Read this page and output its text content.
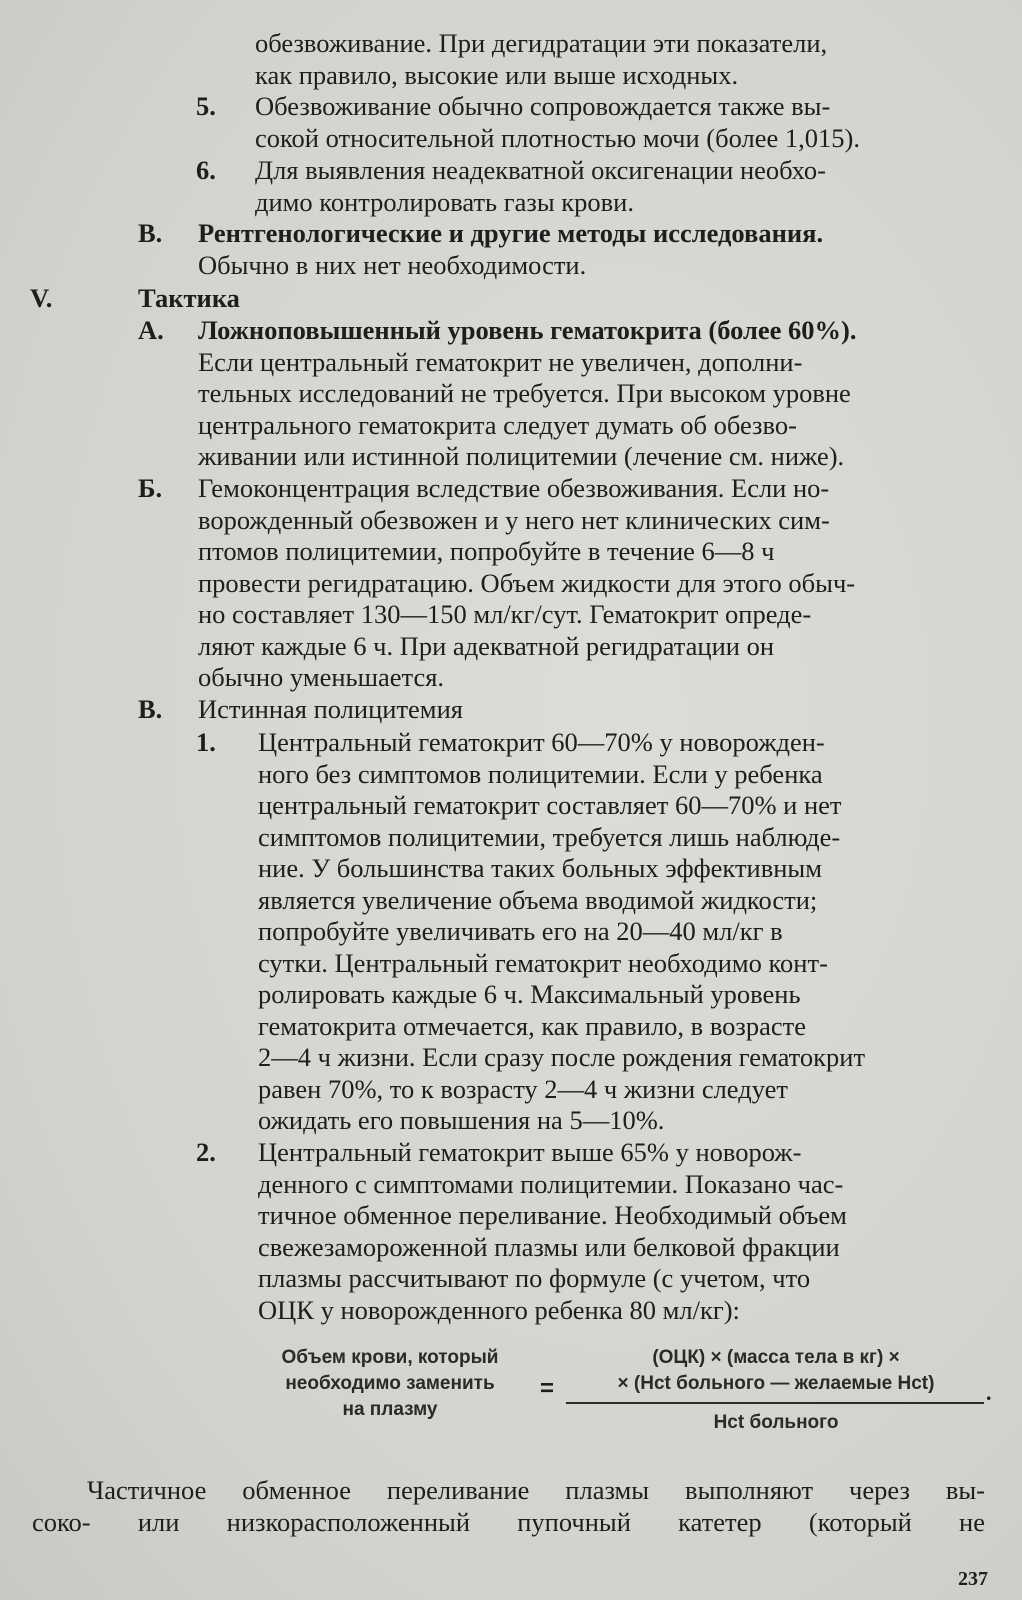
обезвоживание. При дегидратации эти показатели,
как правило, высокие или выше исходных.
5. Обезвоживание обычно сопровождается также вы-
сокой относительной плотностью мочи (более 1,015).
6. Для выявления неадекватной оксигенации необхо-
димо контролировать газы крови.
В. Рентгенологические и другие методы исследования.
Обычно в них нет необходимости.
V.	Тактика
А. Ложноповышенный уровень гематокрита (более 60%).
Если центральный гематокрит не увеличен, дополни-
тельных исследований не требуется. При высоком уровне
центрального гематокрита следует думать об обезво-
живании или истинной полицитемии (лечение см. ниже).
Б. Гемоконцентрация вследствие обезвоживания. Если но-
ворожденный обезвожен и у него нет клинических сим-
птомов полицитемии, попробуйте в течение 6—8 ч
провести регидратацию. Объем жидкости для этого обыч-
но составляет 130—150 мл/кг/сут. Гематокрит опреде-
ляют каждые 6 ч. При адекватной регидратации он
обычно уменьшается.
В. Истинная полицитемия
1. Центральный гематокрит 60—70% у новорожден-
ного без симптомов полицитемии. Если у ребенка
центральный гематокрит составляет 60—70% и нет
симптомов полицитемии, требуется лишь наблюде-
ние. У большинства таких больных эффективным
является увеличение объема вводимой жидкости;
попробуйте увеличивать его на 20—40 мл/кг в
сутки. Центральный гематокрит необходимо конт-
ролировать каждые 6 ч. Максимальный уровень
гематокрита отмечается, как правило, в возрасте
2—4 ч жизни. Если сразу после рождения гематокрит
равен 70%, то к возрасту 2—4 ч жизни следует
ожидать его повышения на 5—10%.
2. Центральный гематокрит выше 65% у новорож-
денного с симптомами полицитемии. Показано час-
тичное обменное переливание. Необходимый объем
свежезамороженной плазмы или белковой фракции
плазмы рассчитывают по формуле (с учетом, что
ОЦК у новорожденного ребенка 80 мл/кг):
Объем крови, который
необходимо заменить
на плазму
=
(ОЦК) × (масса тела в кг) ×
× (Hct больного — желаемые Hct)	.
Hct больного
Частичное обменное переливание плазмы выполняют через вы-
соко- или низкорасположенный пупочный катетер (который не
237
